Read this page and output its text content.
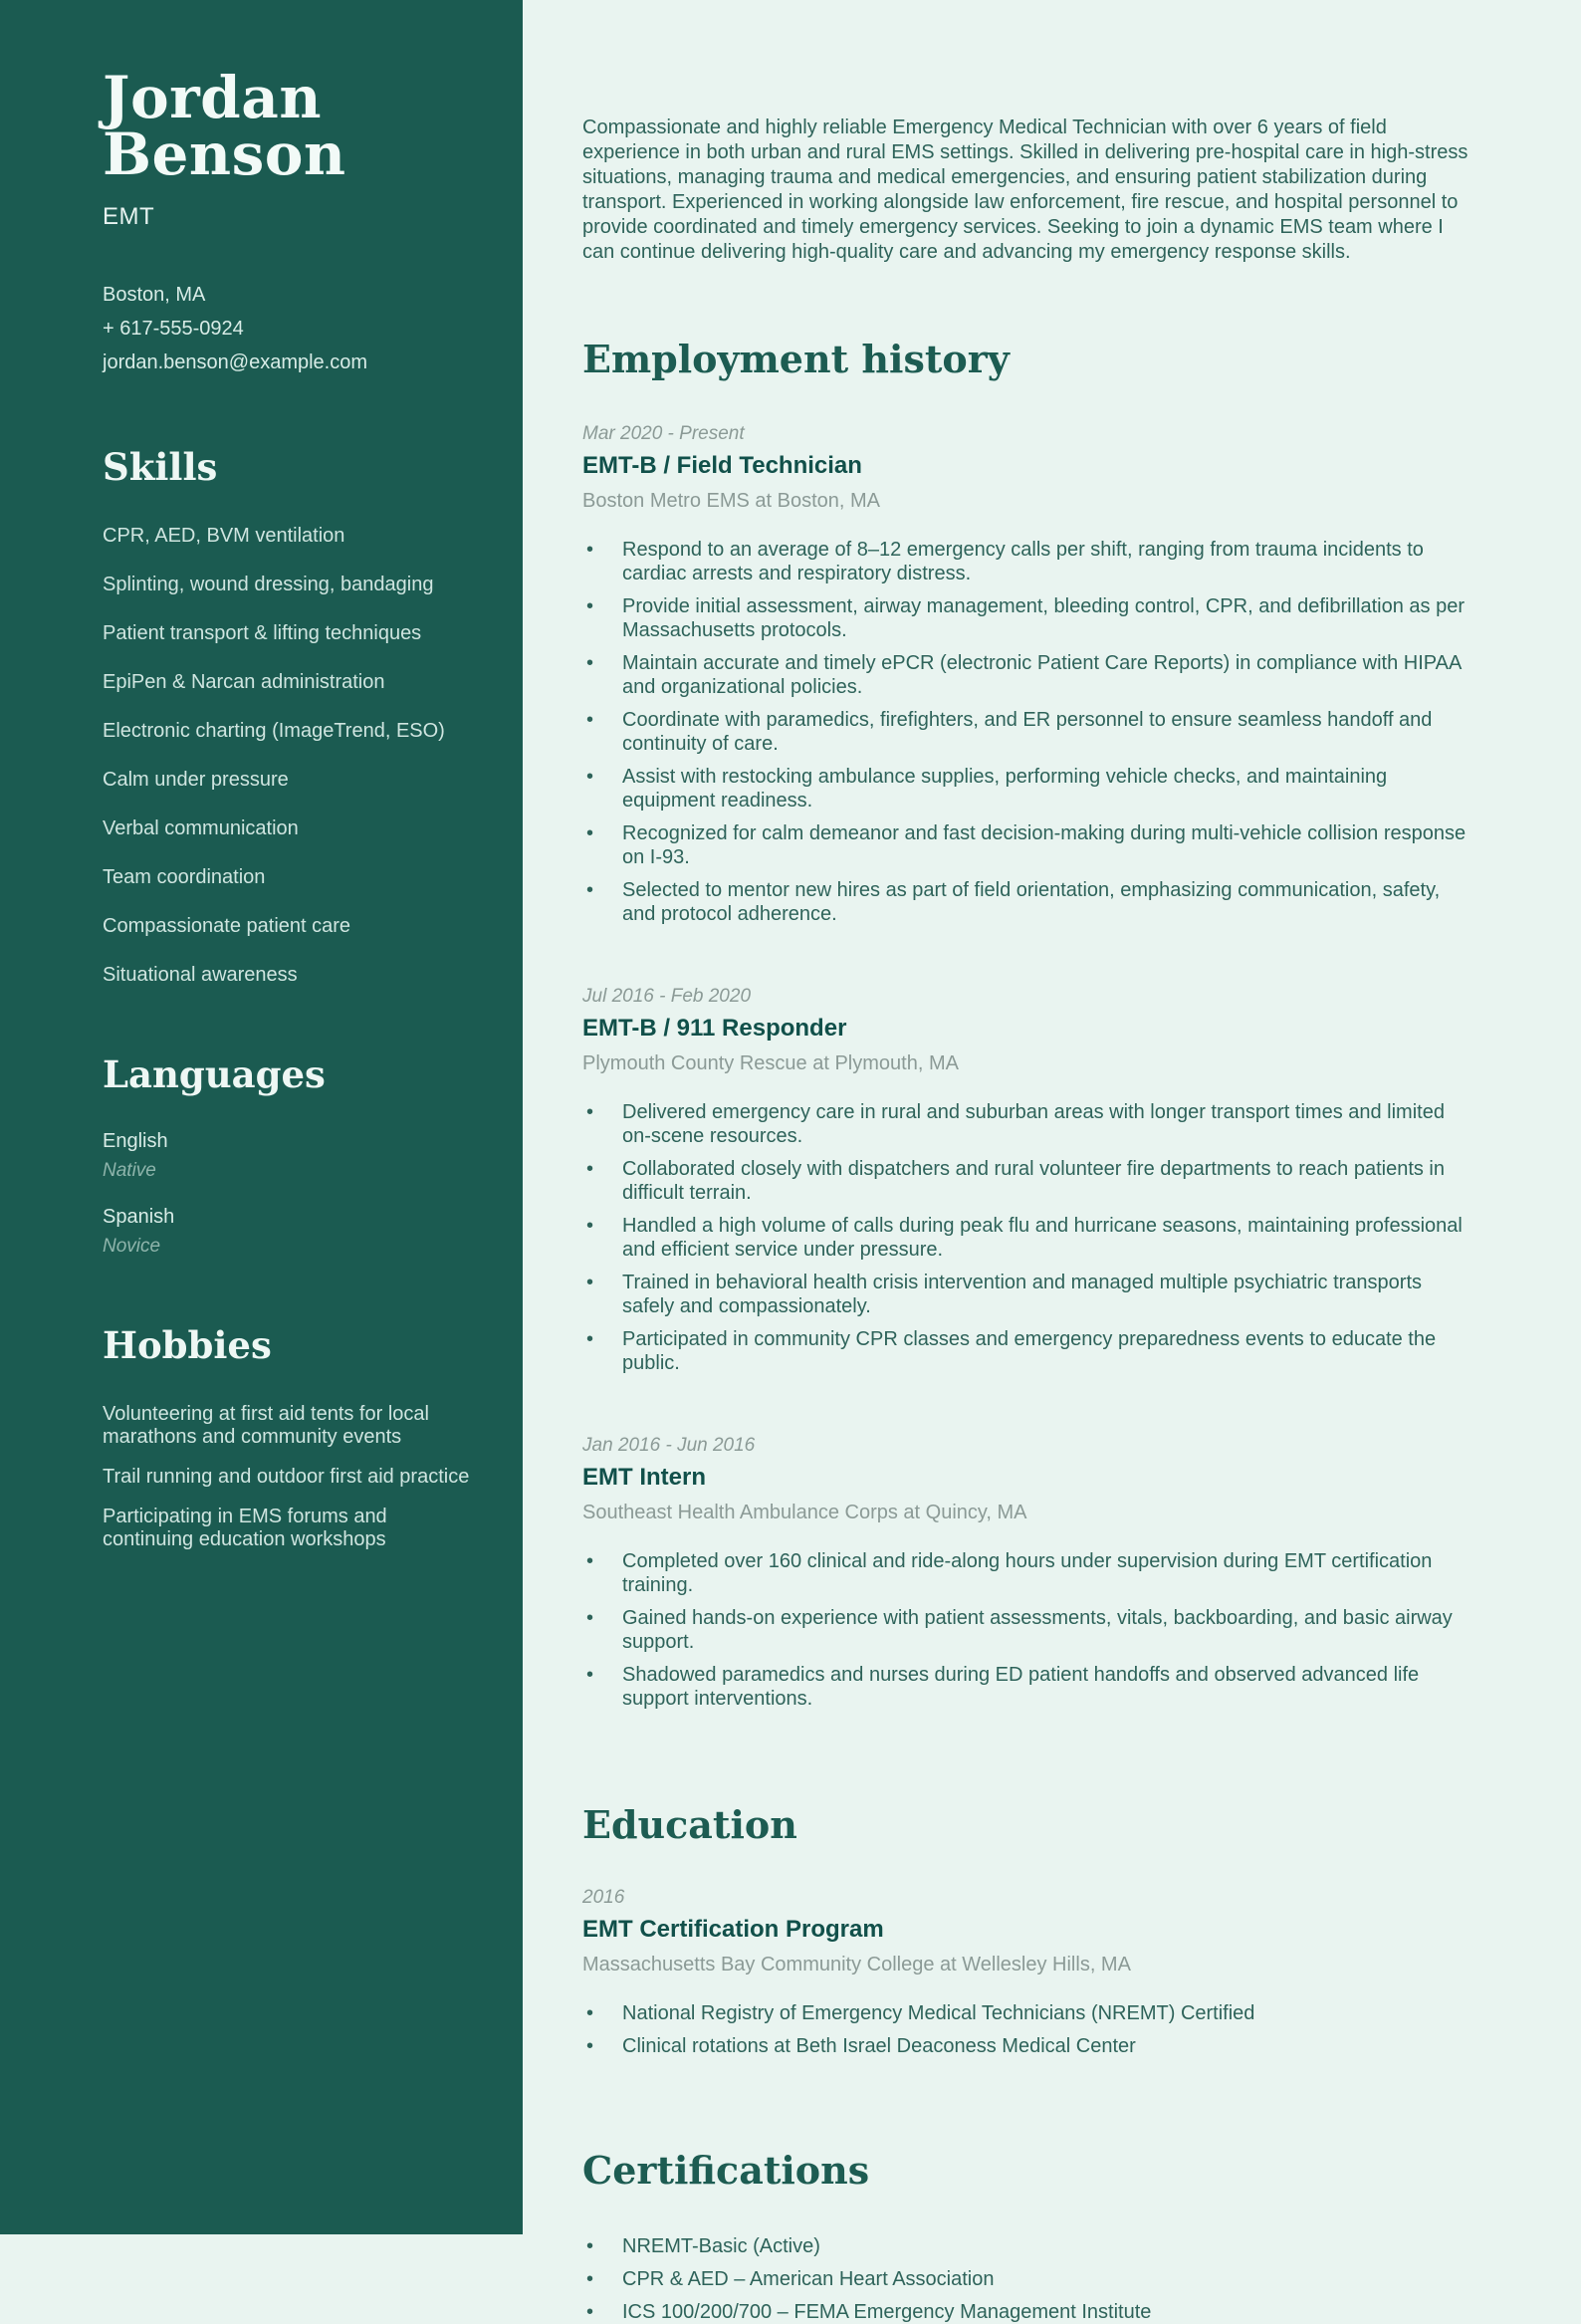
Jordan
Benson
EMT
Boston, MA
+ 617-555-0924
jordan.benson@example.com
Skills
CPR, AED, BVM ventilation
Splinting, wound dressing, bandaging
Patient transport & lifting techniques
EpiPen & Narcan administration
Electronic charting (ImageTrend, ESO)
Calm under pressure
Verbal communication
Team coordination
Compassionate patient care
Situational awareness
Languages
English
Native
Spanish
Novice
Hobbies
Volunteering at first aid tents for local marathons and community events
Trail running and outdoor first aid practice
Participating in EMS forums and continuing education workshops

Compassionate and highly reliable Emergency Medical Technician with over 6 years of field experience in both urban and rural EMS settings. Skilled in delivering pre-hospital care in high-stress situations, managing trauma and medical emergencies, and ensuring patient stabilization during transport. Experienced in working alongside law enforcement, fire rescue, and hospital personnel to provide coordinated and timely emergency services. Seeking to join a dynamic EMS team where I can continue delivering high-quality care and advancing my emergency response skills.

Employment history
Mar 2020 - Present
EMT-B / Field Technician
Boston Metro EMS at Boston, MA
• Respond to an average of 8–12 emergency calls per shift, ranging from trauma incidents to cardiac arrests and respiratory distress.
• Provide initial assessment, airway management, bleeding control, CPR, and defibrillation as per Massachusetts protocols.
• Maintain accurate and timely ePCR (electronic Patient Care Reports) in compliance with HIPAA and organizational policies.
• Coordinate with paramedics, firefighters, and ER personnel to ensure seamless handoff and continuity of care.
• Assist with restocking ambulance supplies, performing vehicle checks, and maintaining equipment readiness.
• Recognized for calm demeanor and fast decision-making during multi-vehicle collision response on I-93.
• Selected to mentor new hires as part of field orientation, emphasizing communication, safety, and protocol adherence.
Jul 2016 - Feb 2020
EMT-B / 911 Responder
Plymouth County Rescue at Plymouth, MA
• Delivered emergency care in rural and suburban areas with longer transport times and limited on-scene resources.
• Collaborated closely with dispatchers and rural volunteer fire departments to reach patients in difficult terrain.
• Handled a high volume of calls during peak flu and hurricane seasons, maintaining professional and efficient service under pressure.
• Trained in behavioral health crisis intervention and managed multiple psychiatric transports safely and compassionately.
• Participated in community CPR classes and emergency preparedness events to educate the public.
Jan 2016 - Jun 2016
EMT Intern
Southeast Health Ambulance Corps at Quincy, MA
• Completed over 160 clinical and ride-along hours under supervision during EMT certification training.
• Gained hands-on experience with patient assessments, vitals, backboarding, and basic airway support.
• Shadowed paramedics and nurses during ED patient handoffs and observed advanced life support interventions.
Education
2016
EMT Certification Program
Massachusetts Bay Community College at Wellesley Hills, MA
• National Registry of Emergency Medical Technicians (NREMT) Certified
• Clinical rotations at Beth Israel Deaconess Medical Center
Certifications
• NREMT-Basic (Active)
• CPR & AED – American Heart Association
• ICS 100/200/700 – FEMA Emergency Management Institute
